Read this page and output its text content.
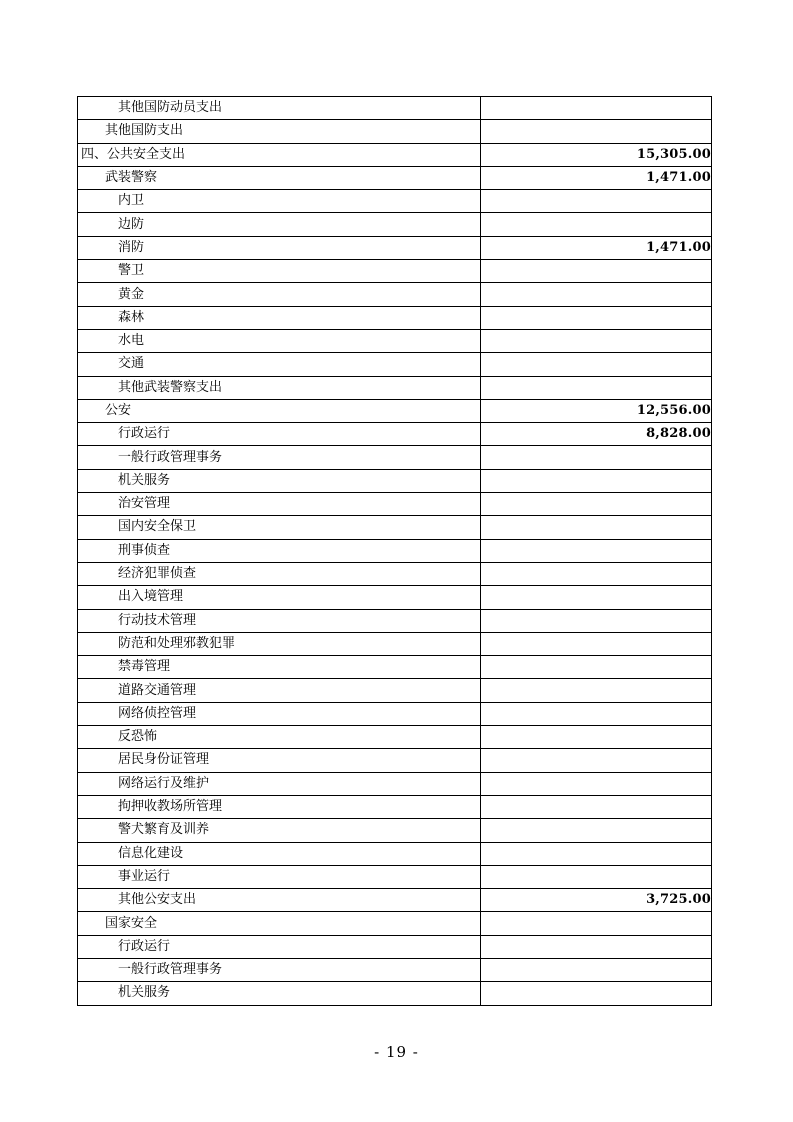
其他国防动员支出	
其他国防支出	
四、公共安全支出	15,305.00
武装警察	1,471.00
内卫	
边防	
消防	1,471.00
警卫	
黄金	
森林	
水电	
交通	
其他武装警察支出	
公安	12,556.00
行政运行	8,828.00
一般行政管理事务	
机关服务	
治安管理	
国内安全保卫	
刑事侦查	
经济犯罪侦查	
出入境管理	
行动技术管理	
防范和处理邪教犯罪	
禁毒管理	
道路交通管理	
网络侦控管理	
反恐怖	
居民身份证管理	
网络运行及维护	
拘押收教场所管理	
警犬繁育及训养	
信息化建设	
事业运行	
其他公安支出	3,725.00
国家安全	
行政运行	
一般行政管理事务	
机关服务	
- 19 -
